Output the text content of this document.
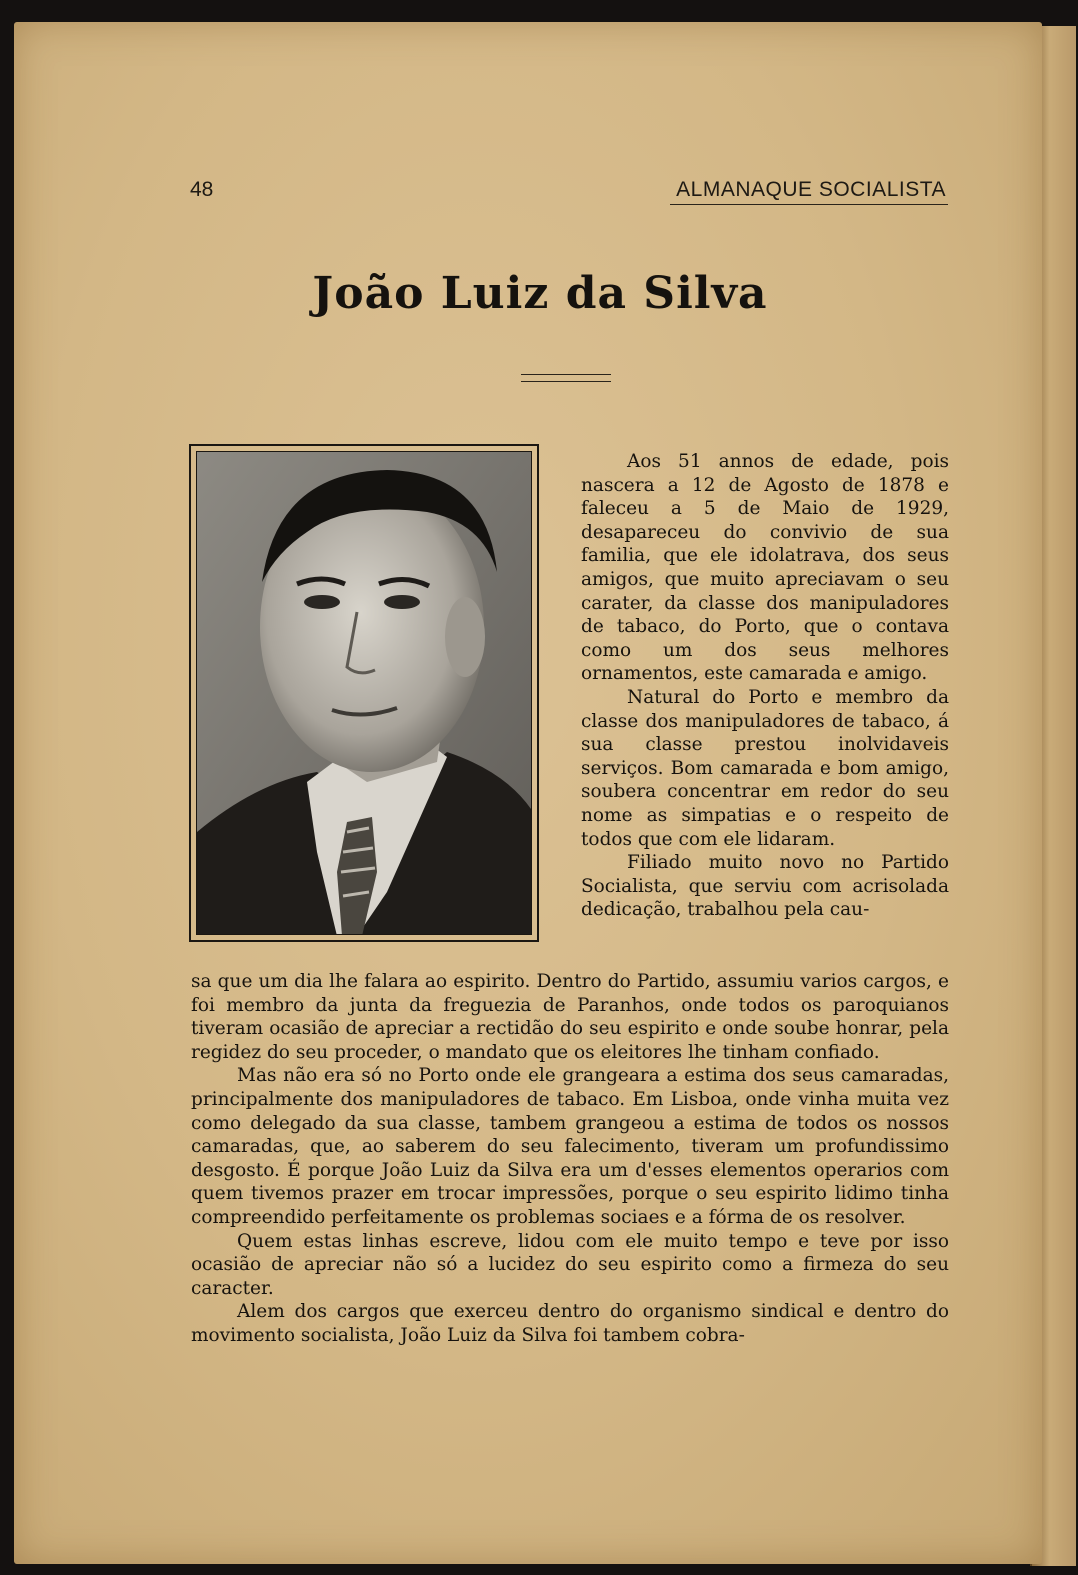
48	ALMANAQUE SOCIALISTA
João Luiz da Silva

Aos 51 annos de edade, pois nascera a 12 de Agosto de 1878 e faleceu a 5 de Maio de 1929, desapareceu do convivio de sua familia, que ele idolatrava, dos seus amigos, que muito apreciavam o seu carater, da classe dos manipuladores de tabaco, do Porto, que o contava como um dos seus melhores ornamentos, este camarada e amigo.

Natural do Porto e membro da classe dos manipuladores de tabaco, á sua classe prestou inolvidaveis serviços. Bom camarada e bom amigo, soubera concentrar em redor do seu nome as simpatias e o respeito de todos que com ele lidaram.

Filiado muito novo no Partido Socialista, que serviu com acrisolada dedicação, trabalhou pela cau-

sa que um dia lhe falara ao espirito. Dentro do Partido, assumiu varios cargos, e foi membro da junta da freguezia de Paranhos, onde todos os paroquianos tiveram ocasião de apreciar a rectidão do seu espirito e onde soube honrar, pela regidez do seu proceder, o mandato que os eleitores lhe tinham confiado.

Mas não era só no Porto onde ele grangeara a estima dos seus camaradas, principalmente dos manipuladores de tabaco. Em Lisboa, onde vinha muita vez como delegado da sua classe, tambem grangeou a estima de todos os nossos camaradas, que, ao saberem do seu falecimento, tiveram um profundissimo desgosto. É porque João Luiz da Silva era um d'esses elementos operarios com quem tivemos prazer em trocar impressões, porque o seu espirito lidimo tinha compreendido perfeitamente os problemas sociaes e a fórma de os resolver.

Quem estas linhas escreve, lidou com ele muito tempo e teve por isso ocasião de apreciar não só a lucidez do seu espirito como a firmeza do seu caracter.

Alem dos cargos que exerceu dentro do organismo sindical e dentro do movimento socialista, João Luiz da Silva foi tambem cobra-
